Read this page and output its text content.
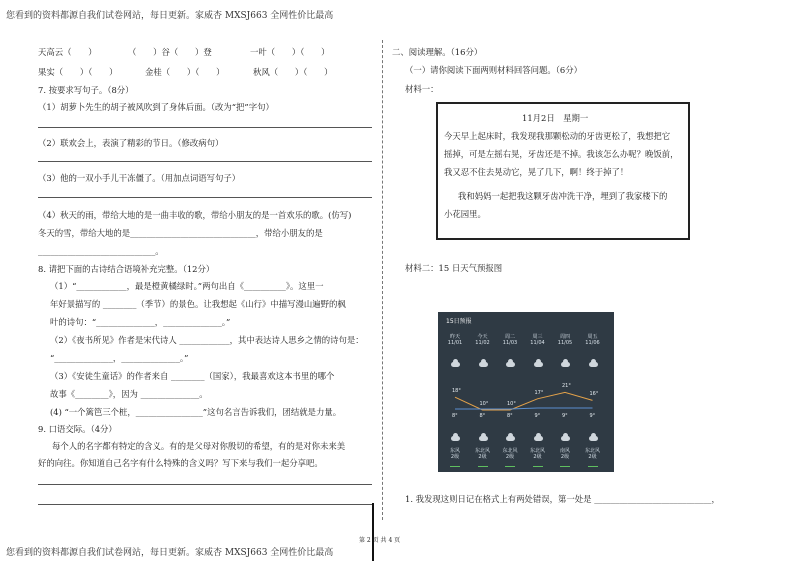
您看到的资料都源自我们试卷网站，每日更新。家威杏 MXSJ663 全网性价比最高
天高云（　　）	（　　）谷（　　）登	一叶（　　）（　　）
果实（　　）（　　）	金桂（　　）（　　）	秋风（　　）（　　）
7. 按要求写句子。（8分）
（1）胡萝卜先生的胡子被风吹到了身体后面。（改为“把”字句）
（2）联欢会上，表演了精彩的节日。（修改病句）
（3）他的一双小手儿⼲冻僵了。（用加点词语写句子）
（4）秋天的雨，带给大地的是一曲丰收的歌，带给小朋友的是一首欢乐的歌。(仿写)
冬天的雪，带给大地的是______________________________，带给小朋友的是
____________________________。
8. 请把下面的古诗结合语境补充完整。（12分）
（1）“____________，最是橙黄橘绿时。”两句出自《__________》。这里一
年好景描写的 ________（季节）的景色。让我想起《山行》中描写漫山遍野的枫
叶的诗句：“______________，______________。”
（2）《夜书所见》作者是宋代诗人 ____________，其中表达诗人思乡之情的诗句是：
“______________，______________。”
（3）《安徒生童话》的作者来自 ________（国家），我最喜欢这本书里的哪个
故事《________》，因为 ______________。
(4) “一个篱笆三个桩，________________”这句名言告诉我们，团结就是力量。
9. 口语交际。（4分）
每个人的名字都有特定的含义。有的是父母对你殷切的希望，有的是对你未来美
好的向往。你知道自己名字有什么特殊的含义吗？写下来与我们一起分享吧。
二、阅读理解。（16分）
（一）请你阅读下面两则材料回答问题。（6分）
材料一：
11月2日　星期一
今天早上起床时，我发现我那颗松动的牙齿更松了，我想把它
摇掉，可是左摇右晃，牙齿还是不掉。我该怎么办呢？晚饭前，
我又忍不住去晃动它，晃了几下，啊！终于掉了！
我和妈妈一起把我这颗牙齿冲洗干净，埋到了我家楼下的
小花园里。
材料二：15 日天气预报图
15日预报
昨天
11/01
18°
8°
东风
2级
今天
11/02
10°
8°
东北风
2级
周二
11/03
10°
8°
东北风
2级
周三
11/04
17°
9°
东北风
2级
周四
11/05
21°
9°
南风
2级
周五
11/06
16°
9°
东北风
2级
1. 我发现这则日记在格式上有两处错误，第一处是 ____________________________，
第 2 页 共 4 页
您看到的资料都源自我们试卷网站，每日更新。家威杏 MXSJ663 全网性价比最高
